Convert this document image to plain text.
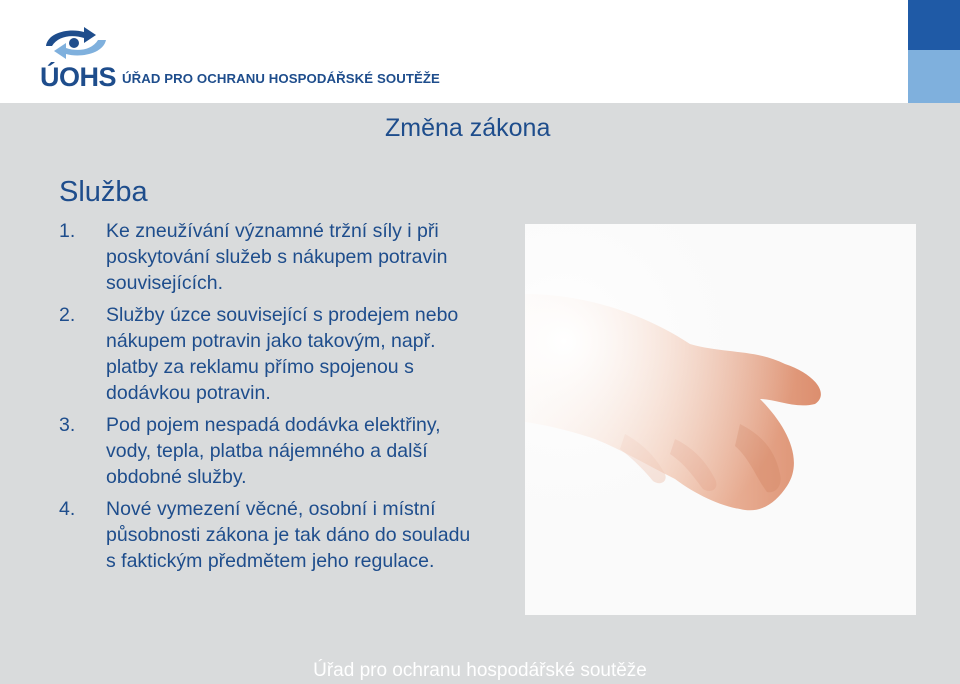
ÚOHS ÚŘAD PRO OCHRANU HOSPODÁŘSKÉ SOUTĚŽE

Změna zákona
Služba
1. Ke zneužívání významné tržní síly i při poskytování služeb s nákupem potravin souvisejících.
2. Služby úzce související s prodejem nebo nákupem potravin jako takovým, např. platby za reklamu přímo spojenou s dodávkou potravin.
3. Pod pojem nespadá dodávka elektřiny, vody, tepla, platba nájemného a další obdobné služby.
4. Nové vymezení věcné, osobní i místní působnosti zákona je tak dáno do souladu s faktickým předmětem jeho regulace.

Úřad pro ochranu hospodářské soutěže
